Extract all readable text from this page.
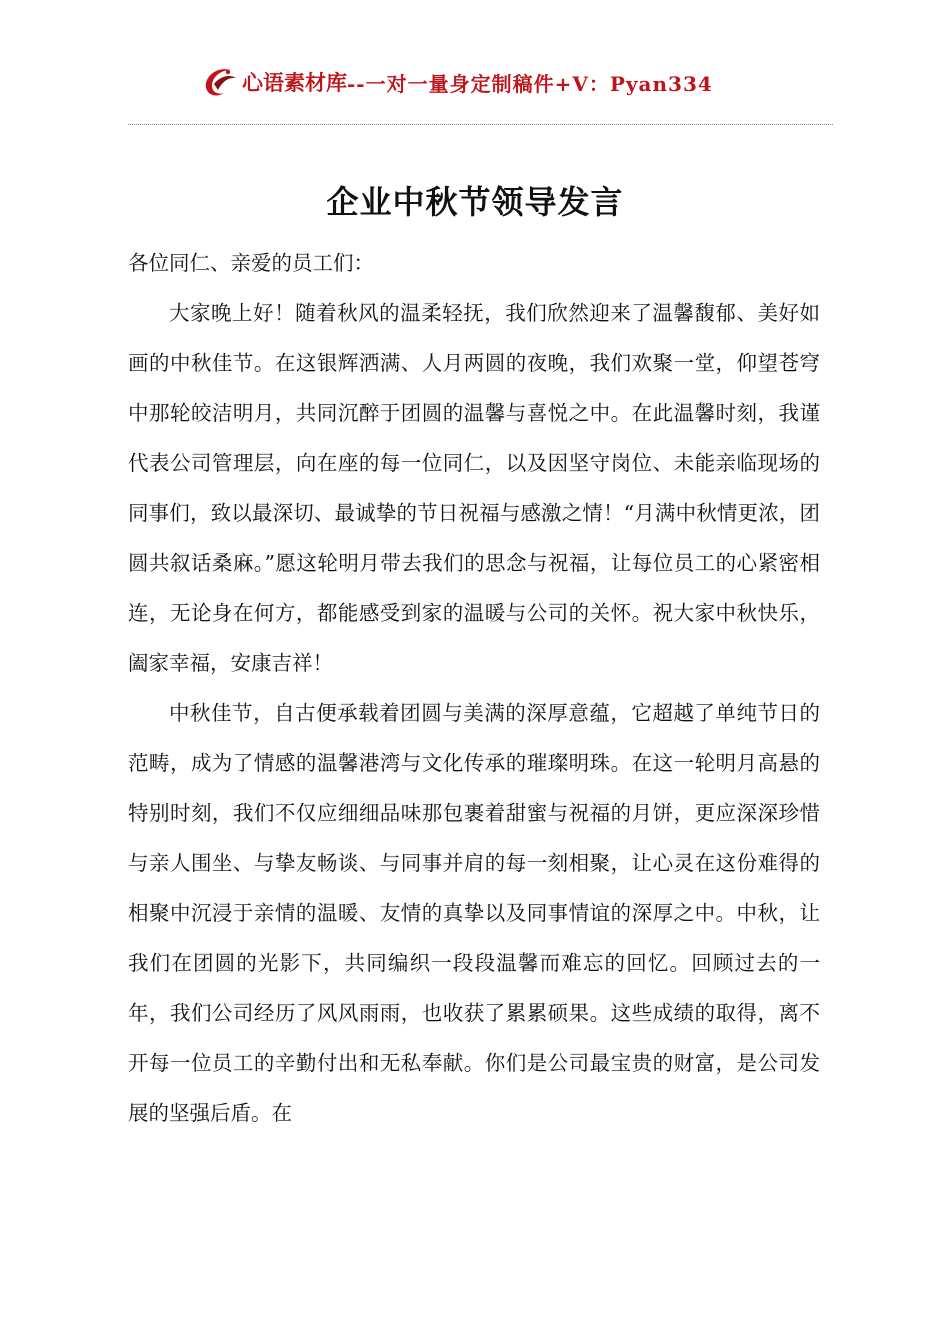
心语素材库 --一对一量身定制稿件+V：Pyan334
企业中秋节领导发言

各位同仁、亲爱的员工们：

大家晚上好！随着秋风的温柔轻抚，我们欣然迎来了温馨馥郁、美好如画的中秋佳节。在这银辉洒满、人月两圆的夜晚，我们欢聚一堂，仰望苍穹中那轮皎洁明月，共同沉醉于团圆的温馨与喜悦之中。在此温馨时刻，我谨代表公司管理层，向在座的每一位同仁，以及因坚守岗位、未能亲临现场的同事们，致以最深切、最诚挚的节日祝福与感激之情！“月满中秋情更浓，团圆共叙话桑麻。”愿这轮明月带去我们的思念与祝福，让每位员工的心紧密相连，无论身在何方，都能感受到家的温暖与公司的关怀。祝大家中秋快乐，阖家幸福，安康吉祥！

中秋佳节，自古便承载着团圆与美满的深厚意蕴，它超越了单纯节日的范畴，成为了情感的温馨港湾与文化传承的璀璨明珠。在这一轮明月高悬的特别时刻，我们不仅应细细品味那包裹着甜蜜与祝福的月饼，更应深深珍惜与亲人围坐、与挚友畅谈、与同事并肩的每一刻相聚，让心灵在这份难得的相聚中沉浸于亲情的温暖、友情的真挚以及同事情谊的深厚之中。中秋，让我们在团圆的光影下，共同编织一段段温馨而难忘的回忆。回顾过去的一年，我们公司经历了风风雨雨，也收获了累累硕果。这些成绩的取得，离不开每一位员工的辛勤付出和无私奉献。你们是公司最宝贵的财富，是公司发展的坚强后盾。在
